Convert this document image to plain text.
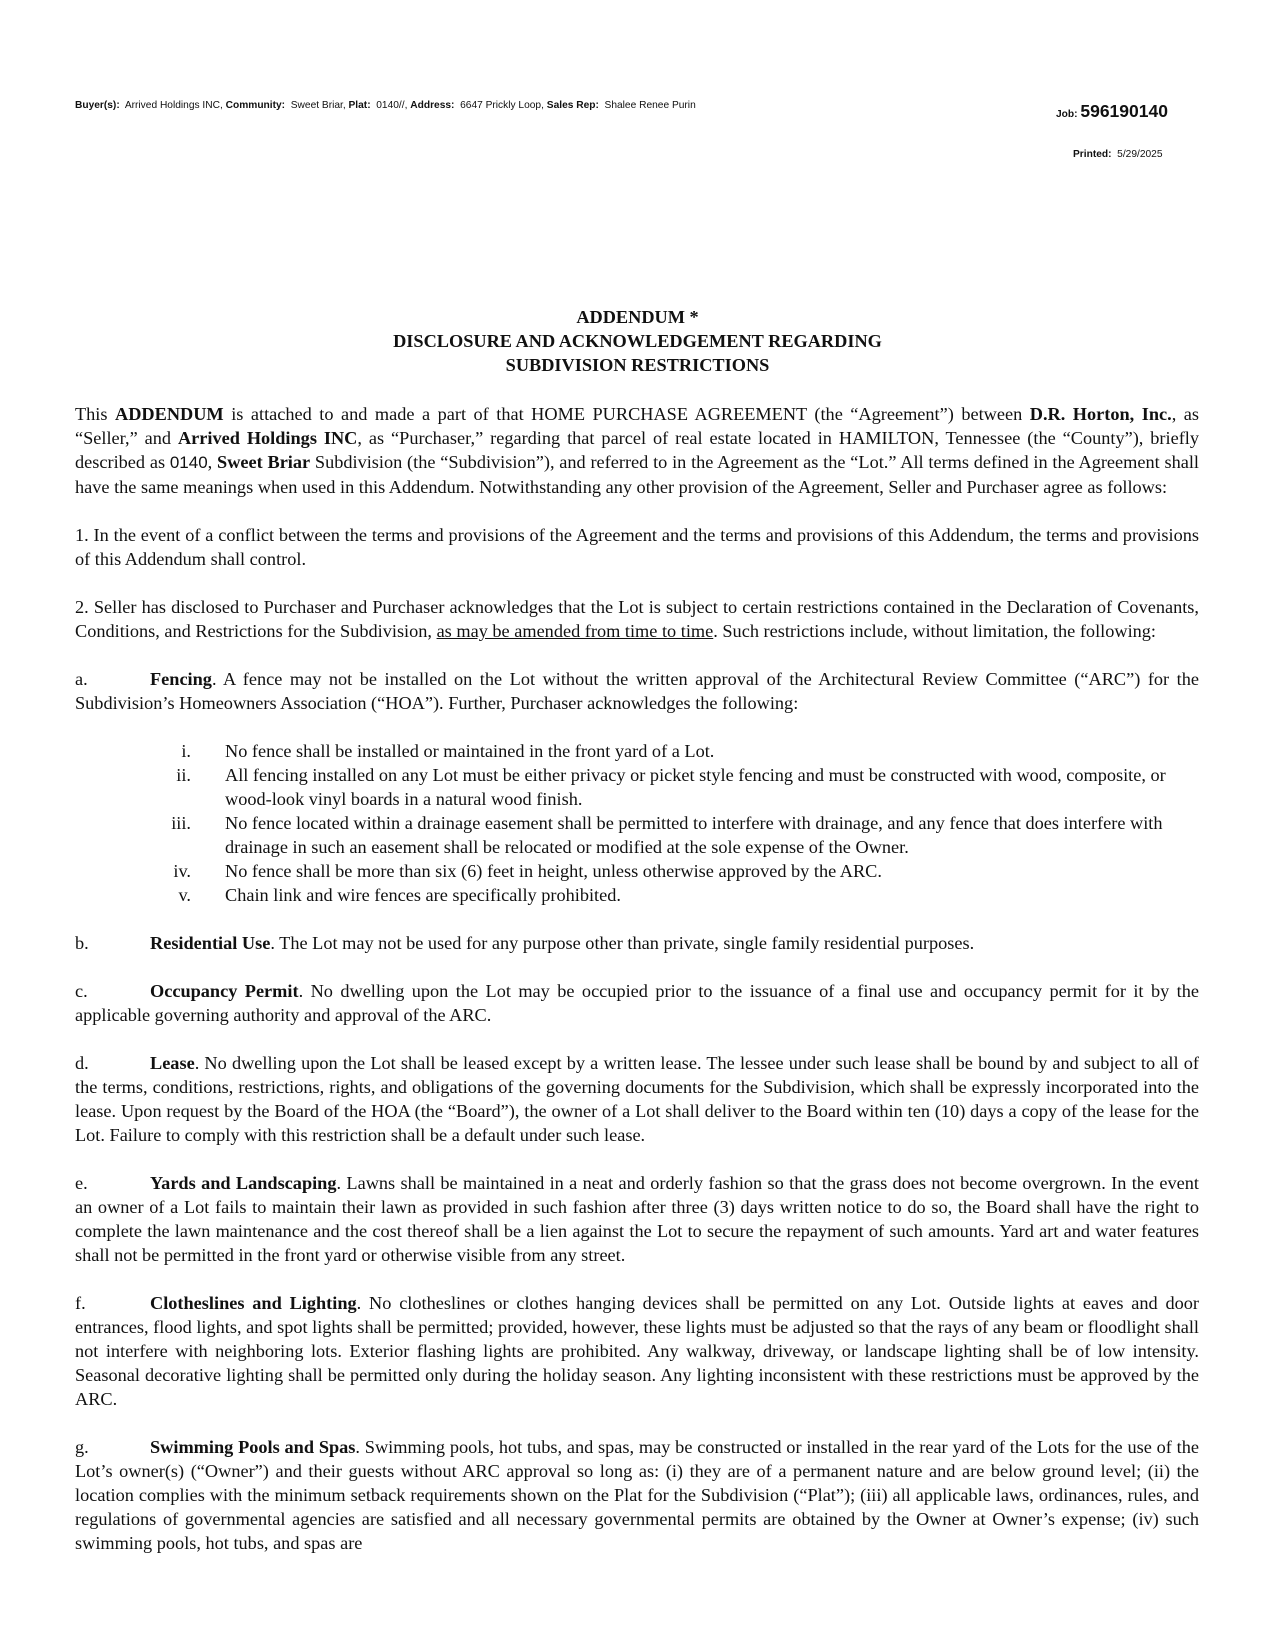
Buyer(s): Arrived Holdings INC, Community: Sweet Briar, Plat: 0140//, Address: 6647 Prickly Loop, Sales Rep: Shalee Renee Purin
Job: 596190140
Printed: 5/29/2025
ADDENDUM *
DISCLOSURE AND ACKNOWLEDGEMENT REGARDING
SUBDIVISION RESTRICTIONS

This ADDENDUM is attached to and made a part of that HOME PURCHASE AGREEMENT (the “Agreement”) between D.R. Horton, Inc., as “Seller,” and Arrived Holdings INC, as “Purchaser,” regarding that parcel of real estate located in HAMILTON, Tennessee (the “County”), briefly described as 0140, Sweet Briar Subdivision (the “Subdivision”), and referred to in the Agreement as the “Lot.” All terms defined in the Agreement shall have the same meanings when used in this Addendum. Notwithstanding any other provision of the Agreement, Seller and Purchaser agree as follows:

1. In the event of a conflict between the terms and provisions of the Agreement and the terms and provisions of this Addendum, the terms and provisions of this Addendum shall control.

2. Seller has disclosed to Purchaser and Purchaser acknowledges that the Lot is subject to certain restrictions contained in the Declaration of Covenants, Conditions, and Restrictions for the Subdivision, as may be amended from time to time. Such restrictions include, without limitation, the following:

a.	Fencing. A fence may not be installed on the Lot without the written approval of the Architectural Review Committee (“ARC”) for the Subdivision’s Homeowners Association (“HOA”). Further, Purchaser acknowledges the following:

i. No fence shall be installed or maintained in the front yard of a Lot.
ii. All fencing installed on any Lot must be either privacy or picket style fencing and must be constructed with wood, composite, or wood-look vinyl boards in a natural wood finish.
iii. No fence located within a drainage easement shall be permitted to interfere with drainage, and any fence that does interfere with drainage in such an easement shall be relocated or modified at the sole expense of the Owner.
iv. No fence shall be more than six (6) feet in height, unless otherwise approved by the ARC.
v. Chain link and wire fences are specifically prohibited.

b.	Residential Use. The Lot may not be used for any purpose other than private, single family residential purposes.

c.	Occupancy Permit. No dwelling upon the Lot may be occupied prior to the issuance of a final use and occupancy permit for it by the applicable governing authority and approval of the ARC.

d.	Lease. No dwelling upon the Lot shall be leased except by a written lease. The lessee under such lease shall be bound by and subject to all of the terms, conditions, restrictions, rights, and obligations of the governing documents for the Subdivision, which shall be expressly incorporated into the lease. Upon request by the Board of the HOA (the “Board”), the owner of a Lot shall deliver to the Board within ten (10) days a copy of the lease for the Lot. Failure to comply with this restriction shall be a default under such lease.

e.	Yards and Landscaping. Lawns shall be maintained in a neat and orderly fashion so that the grass does not become overgrown. In the event an owner of a Lot fails to maintain their lawn as provided in such fashion after three (3) days written notice to do so, the Board shall have the right to complete the lawn maintenance and the cost thereof shall be a lien against the Lot to secure the repayment of such amounts. Yard art and water features shall not be permitted in the front yard or otherwise visible from any street.

f.	Clotheslines and Lighting. No clotheslines or clothes hanging devices shall be permitted on any Lot. Outside lights at eaves and door entrances, flood lights, and spot lights shall be permitted; provided, however, these lights must be adjusted so that the rays of any beam or floodlight shall not interfere with neighboring lots. Exterior flashing lights are prohibited. Any walkway, driveway, or landscape lighting shall be of low intensity. Seasonal decorative lighting shall be permitted only during the holiday season. Any lighting inconsistent with these restrictions must be approved by the ARC.

g.	Swimming Pools and Spas. Swimming pools, hot tubs, and spas, may be constructed or installed in the rear yard of the Lots for the use of the Lot’s owner(s) (“Owner”) and their guests without ARC approval so long as: (i) they are of a permanent nature and are below ground level; (ii) the location complies with the minimum setback requirements shown on the Plat for the Subdivision (“Plat”); (iii) all applicable laws, ordinances, rules, and regulations of governmental agencies are satisfied and all necessary governmental permits are obtained by the Owner at Owner’s expense; (iv) such swimming pools, hot tubs, and spas are
